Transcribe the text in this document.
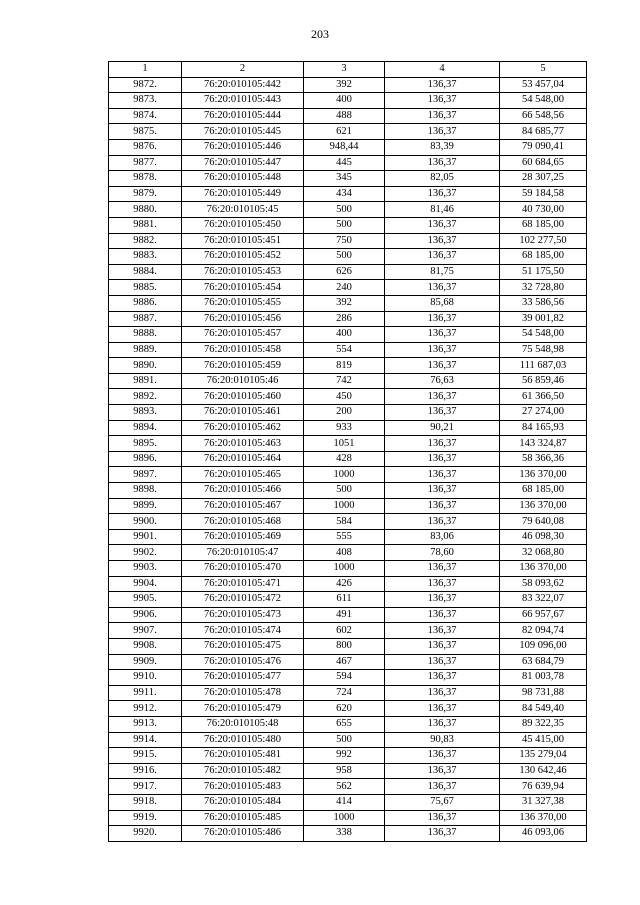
203
1	2	3	4	5
9872.	76:20:010105:442	392	136,37	53 457,04
9873.	76:20:010105:443	400	136,37	54 548,00
9874.	76:20:010105:444	488	136,37	66 548,56
9875.	76:20:010105:445	621	136,37	84 685,77
9876.	76:20:010105:446	948,44	83,39	79 090,41
9877.	76:20:010105:447	445	136,37	60 684,65
9878.	76:20:010105:448	345	82,05	28 307,25
9879.	76:20:010105:449	434	136,37	59 184,58
9880.	76:20:010105:45	500	81,46	40 730,00
9881.	76:20:010105:450	500	136,37	68 185,00
9882.	76:20:010105:451	750	136,37	102 277,50
9883.	76:20:010105:452	500	136,37	68 185,00
9884.	76:20:010105:453	626	81,75	51 175,50
9885.	76:20:010105:454	240	136,37	32 728,80
9886.	76:20:010105:455	392	85,68	33 586,56
9887.	76:20:010105:456	286	136,37	39 001,82
9888.	76:20:010105:457	400	136,37	54 548,00
9889.	76:20:010105:458	554	136,37	75 548,98
9890.	76:20:010105:459	819	136,37	111 687,03
9891.	76:20:010105:46	742	76,63	56 859,46
9892.	76:20:010105:460	450	136,37	61 366,50
9893.	76:20:010105:461	200	136,37	27 274,00
9894.	76:20:010105:462	933	90,21	84 165,93
9895.	76:20:010105:463	1051	136,37	143 324,87
9896.	76:20:010105:464	428	136,37	58 366,36
9897.	76:20:010105:465	1000	136,37	136 370,00
9898.	76:20:010105:466	500	136,37	68 185,00
9899.	76:20:010105:467	1000	136,37	136 370,00
9900.	76:20:010105:468	584	136,37	79 640,08
9901.	76:20:010105:469	555	83,06	46 098,30
9902.	76:20:010105:47	408	78,60	32 068,80
9903.	76:20:010105:470	1000	136,37	136 370,00
9904.	76:20:010105:471	426	136,37	58 093,62
9905.	76:20:010105:472	611	136,37	83 322,07
9906.	76:20:010105:473	491	136,37	66 957,67
9907.	76:20:010105:474	602	136,37	82 094,74
9908.	76:20:010105:475	800	136,37	109 096,00
9909.	76:20:010105:476	467	136,37	63 684,79
9910.	76:20:010105:477	594	136,37	81 003,78
9911.	76:20:010105:478	724	136,37	98 731,88
9912.	76:20:010105:479	620	136,37	84 549,40
9913.	76:20:010105:48	655	136,37	89 322,35
9914.	76:20:010105:480	500	90,83	45 415,00
9915.	76:20:010105:481	992	136,37	135 279,04
9916.	76:20:010105:482	958	136,37	130 642,46
9917.	76:20:010105:483	562	136,37	76 639,94
9918.	76:20:010105:484	414	75,67	31 327,38
9919.	76:20:010105:485	1000	136,37	136 370,00
9920.	76:20:010105:486	338	136,37	46 093,06
